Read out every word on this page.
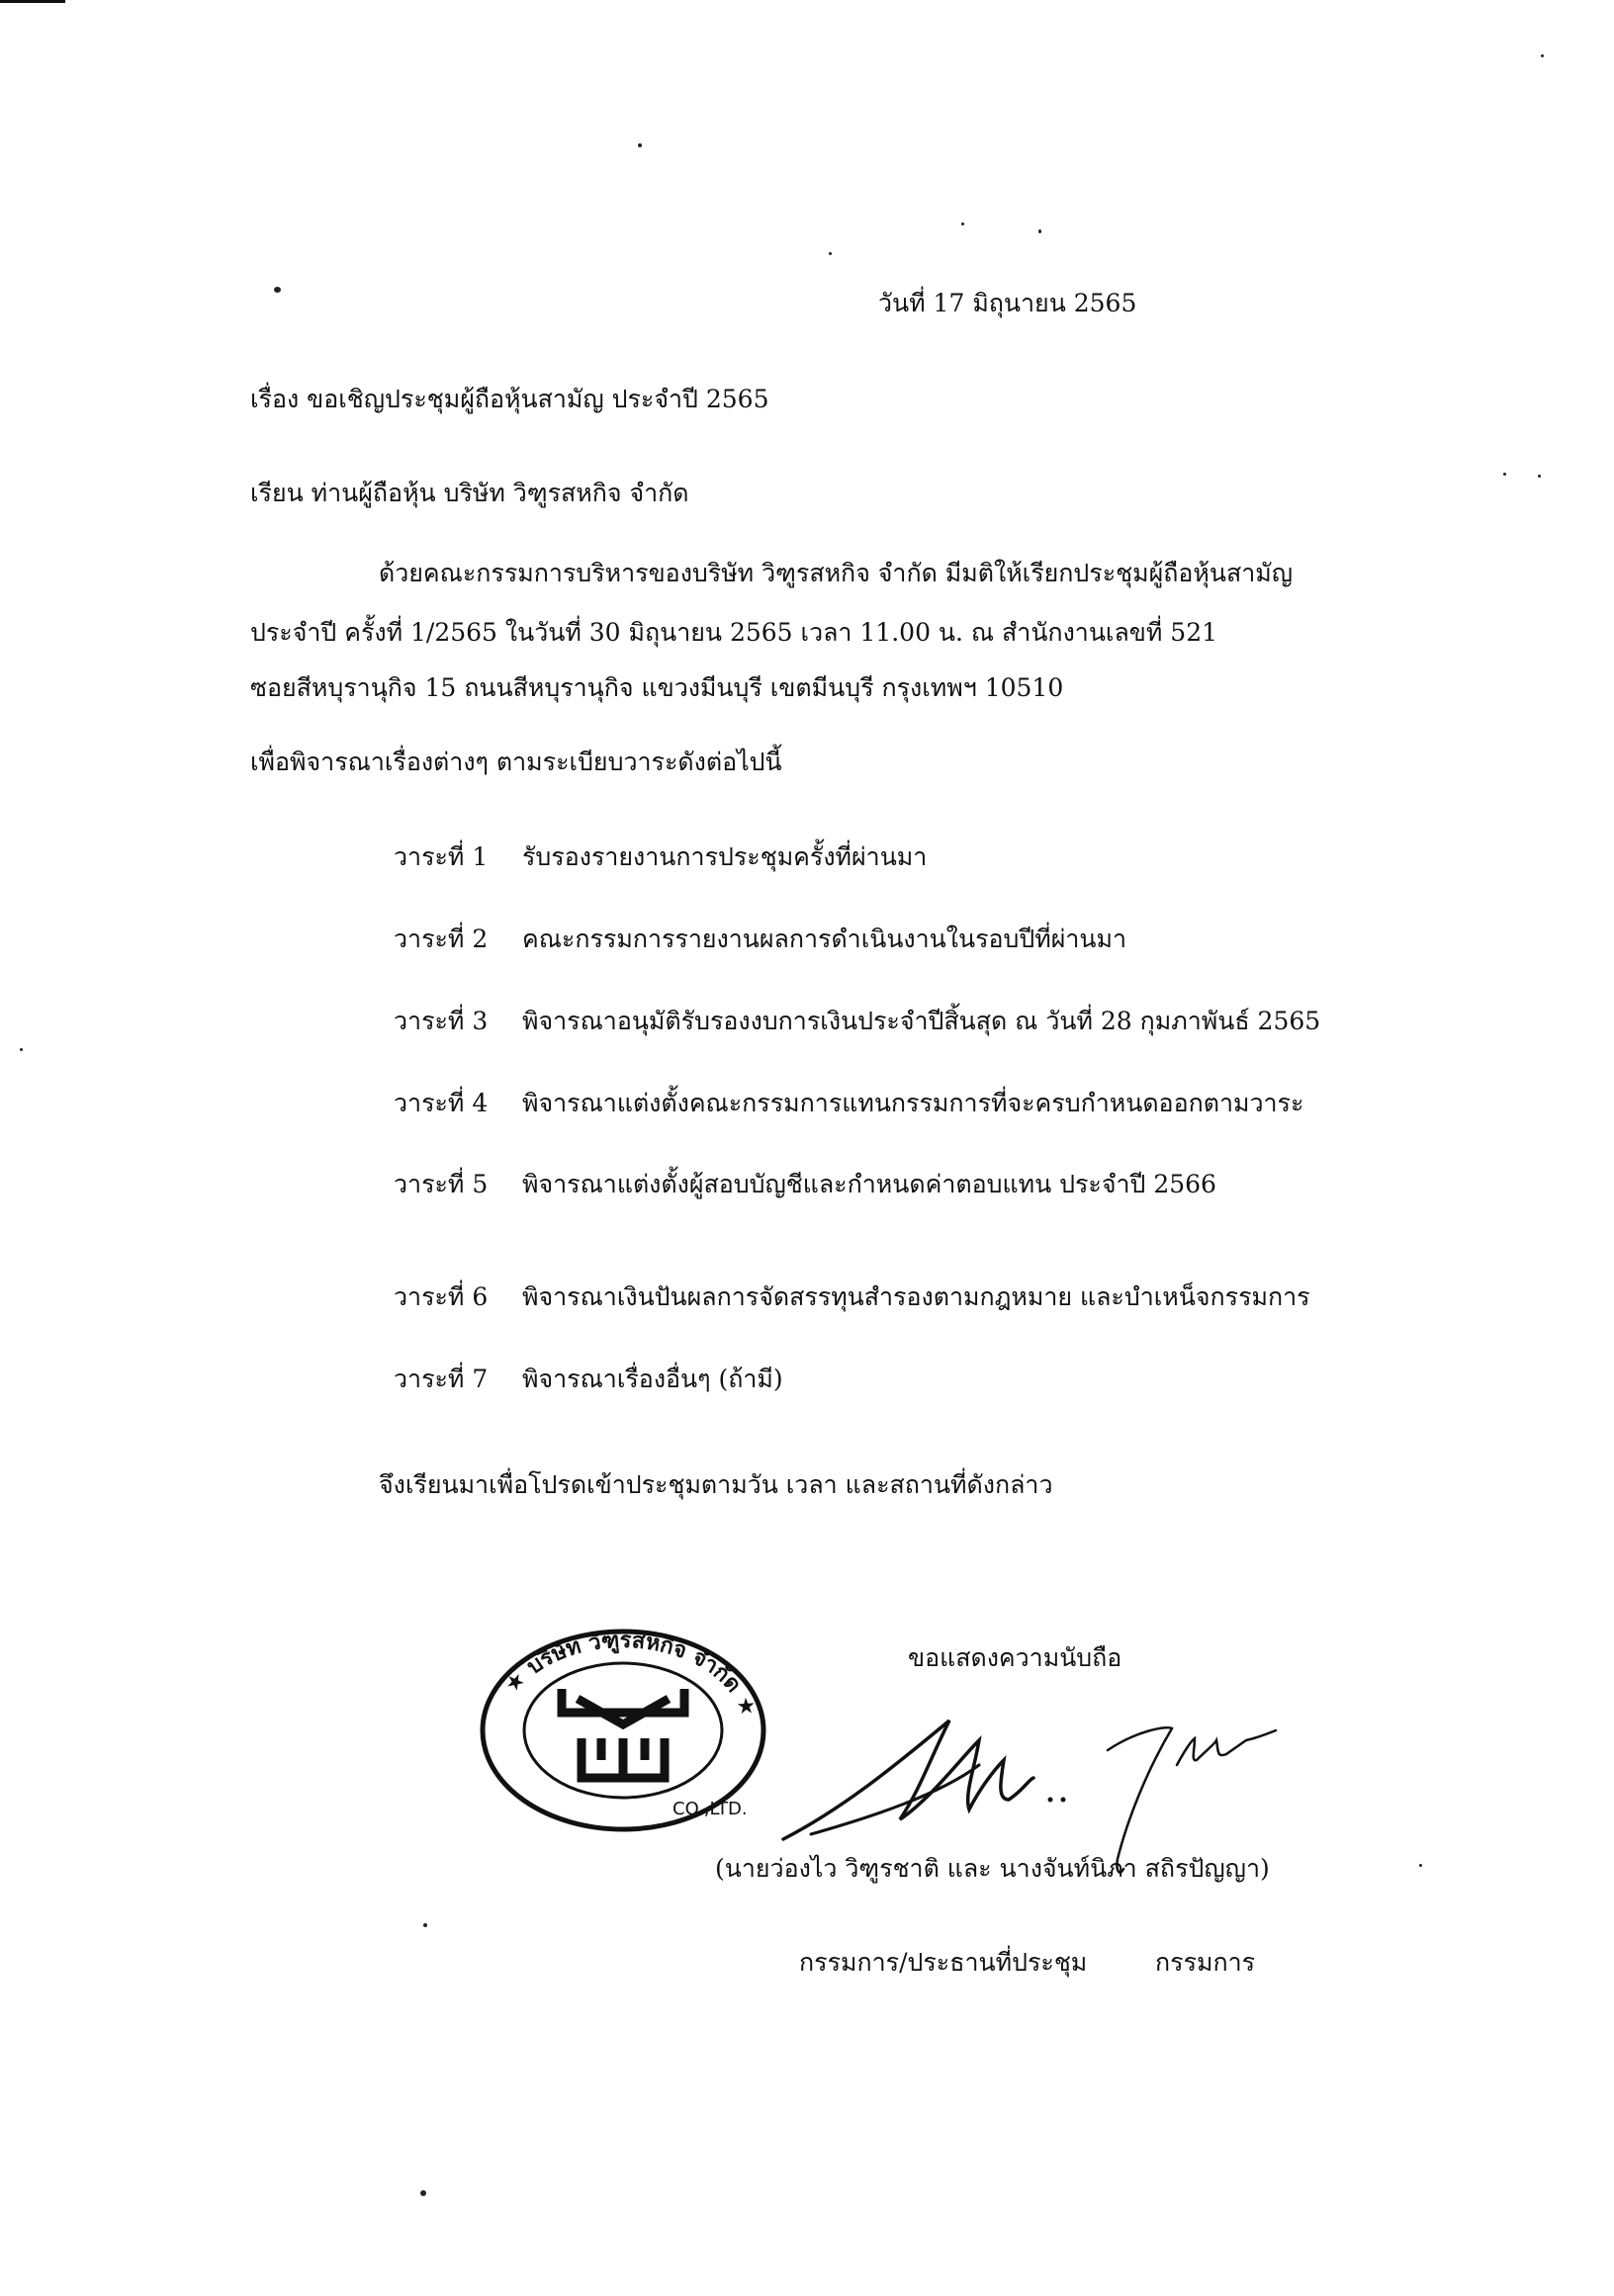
วันที่ 17 มิถุนายน 2565
เรื่อง ขอเชิญประชุมผู้ถือหุ้นสามัญ ประจำปี 2565
เรียน ท่านผู้ถือหุ้น บริษัท วิฑูรสหกิจ จำกัด
ด้วยคณะกรรมการบริหารของบริษัท วิฑูรสหกิจ จำกัด มีมติให้เรียกประชุมผู้ถือหุ้นสามัญ
ประจำปี ครั้งที่ 1/2565 ในวันที่ 30 มิถุนายน 2565 เวลา 11.00 น. ณ สำนักงานเลขที่ 521
ซอยสีหบุรานุกิจ 15 ถนนสีหบุรานุกิจ แขวงมีนบุรี เขตมีนบุรี กรุงเทพฯ 10510
เพื่อพิจารณาเรื่องต่างๆ ตามระเบียบวาระดังต่อไปนี้
วาระที่ 1 รับรองรายงานการประชุมครั้งที่ผ่านมา
วาระที่ 2 คณะกรรมการรายงานผลการดำเนินงานในรอบปีที่ผ่านมา
วาระที่ 3 พิจารณาอนุมัติรับรองงบการเงินประจำปีสิ้นสุด ณ วันที่ 28 กุมภาพันธ์ 2565
วาระที่ 4 พิจารณาแต่งตั้งคณะกรรมการแทนกรรมการที่จะครบกำหนดออกตามวาระ
วาระที่ 5 พิจารณาแต่งตั้งผู้สอบบัญชีและกำหนดค่าตอบแทน ประจำปี 2566
วาระที่ 6 พิจารณาเงินปันผลการจัดสรรทุนสำรองตามกฎหมาย และบำเหน็จกรรมการ
วาระที่ 7 พิจารณาเรื่องอื่นๆ (ถ้ามี)
จึงเรียนมาเพื่อโปรดเข้าประชุมตามวัน เวลา และสถานที่ดังกล่าว
ขอแสดงความนับถือ
★ บริษัท วิฑูรสหกิจ จำกัด ★
CO.,LTD.
(นายว่องไว วิฑูรชาติ และ นางจันท์นิภา สถิรปัญญา)
กรรมการ/ประธานที่ประชุม	กรรมการ
